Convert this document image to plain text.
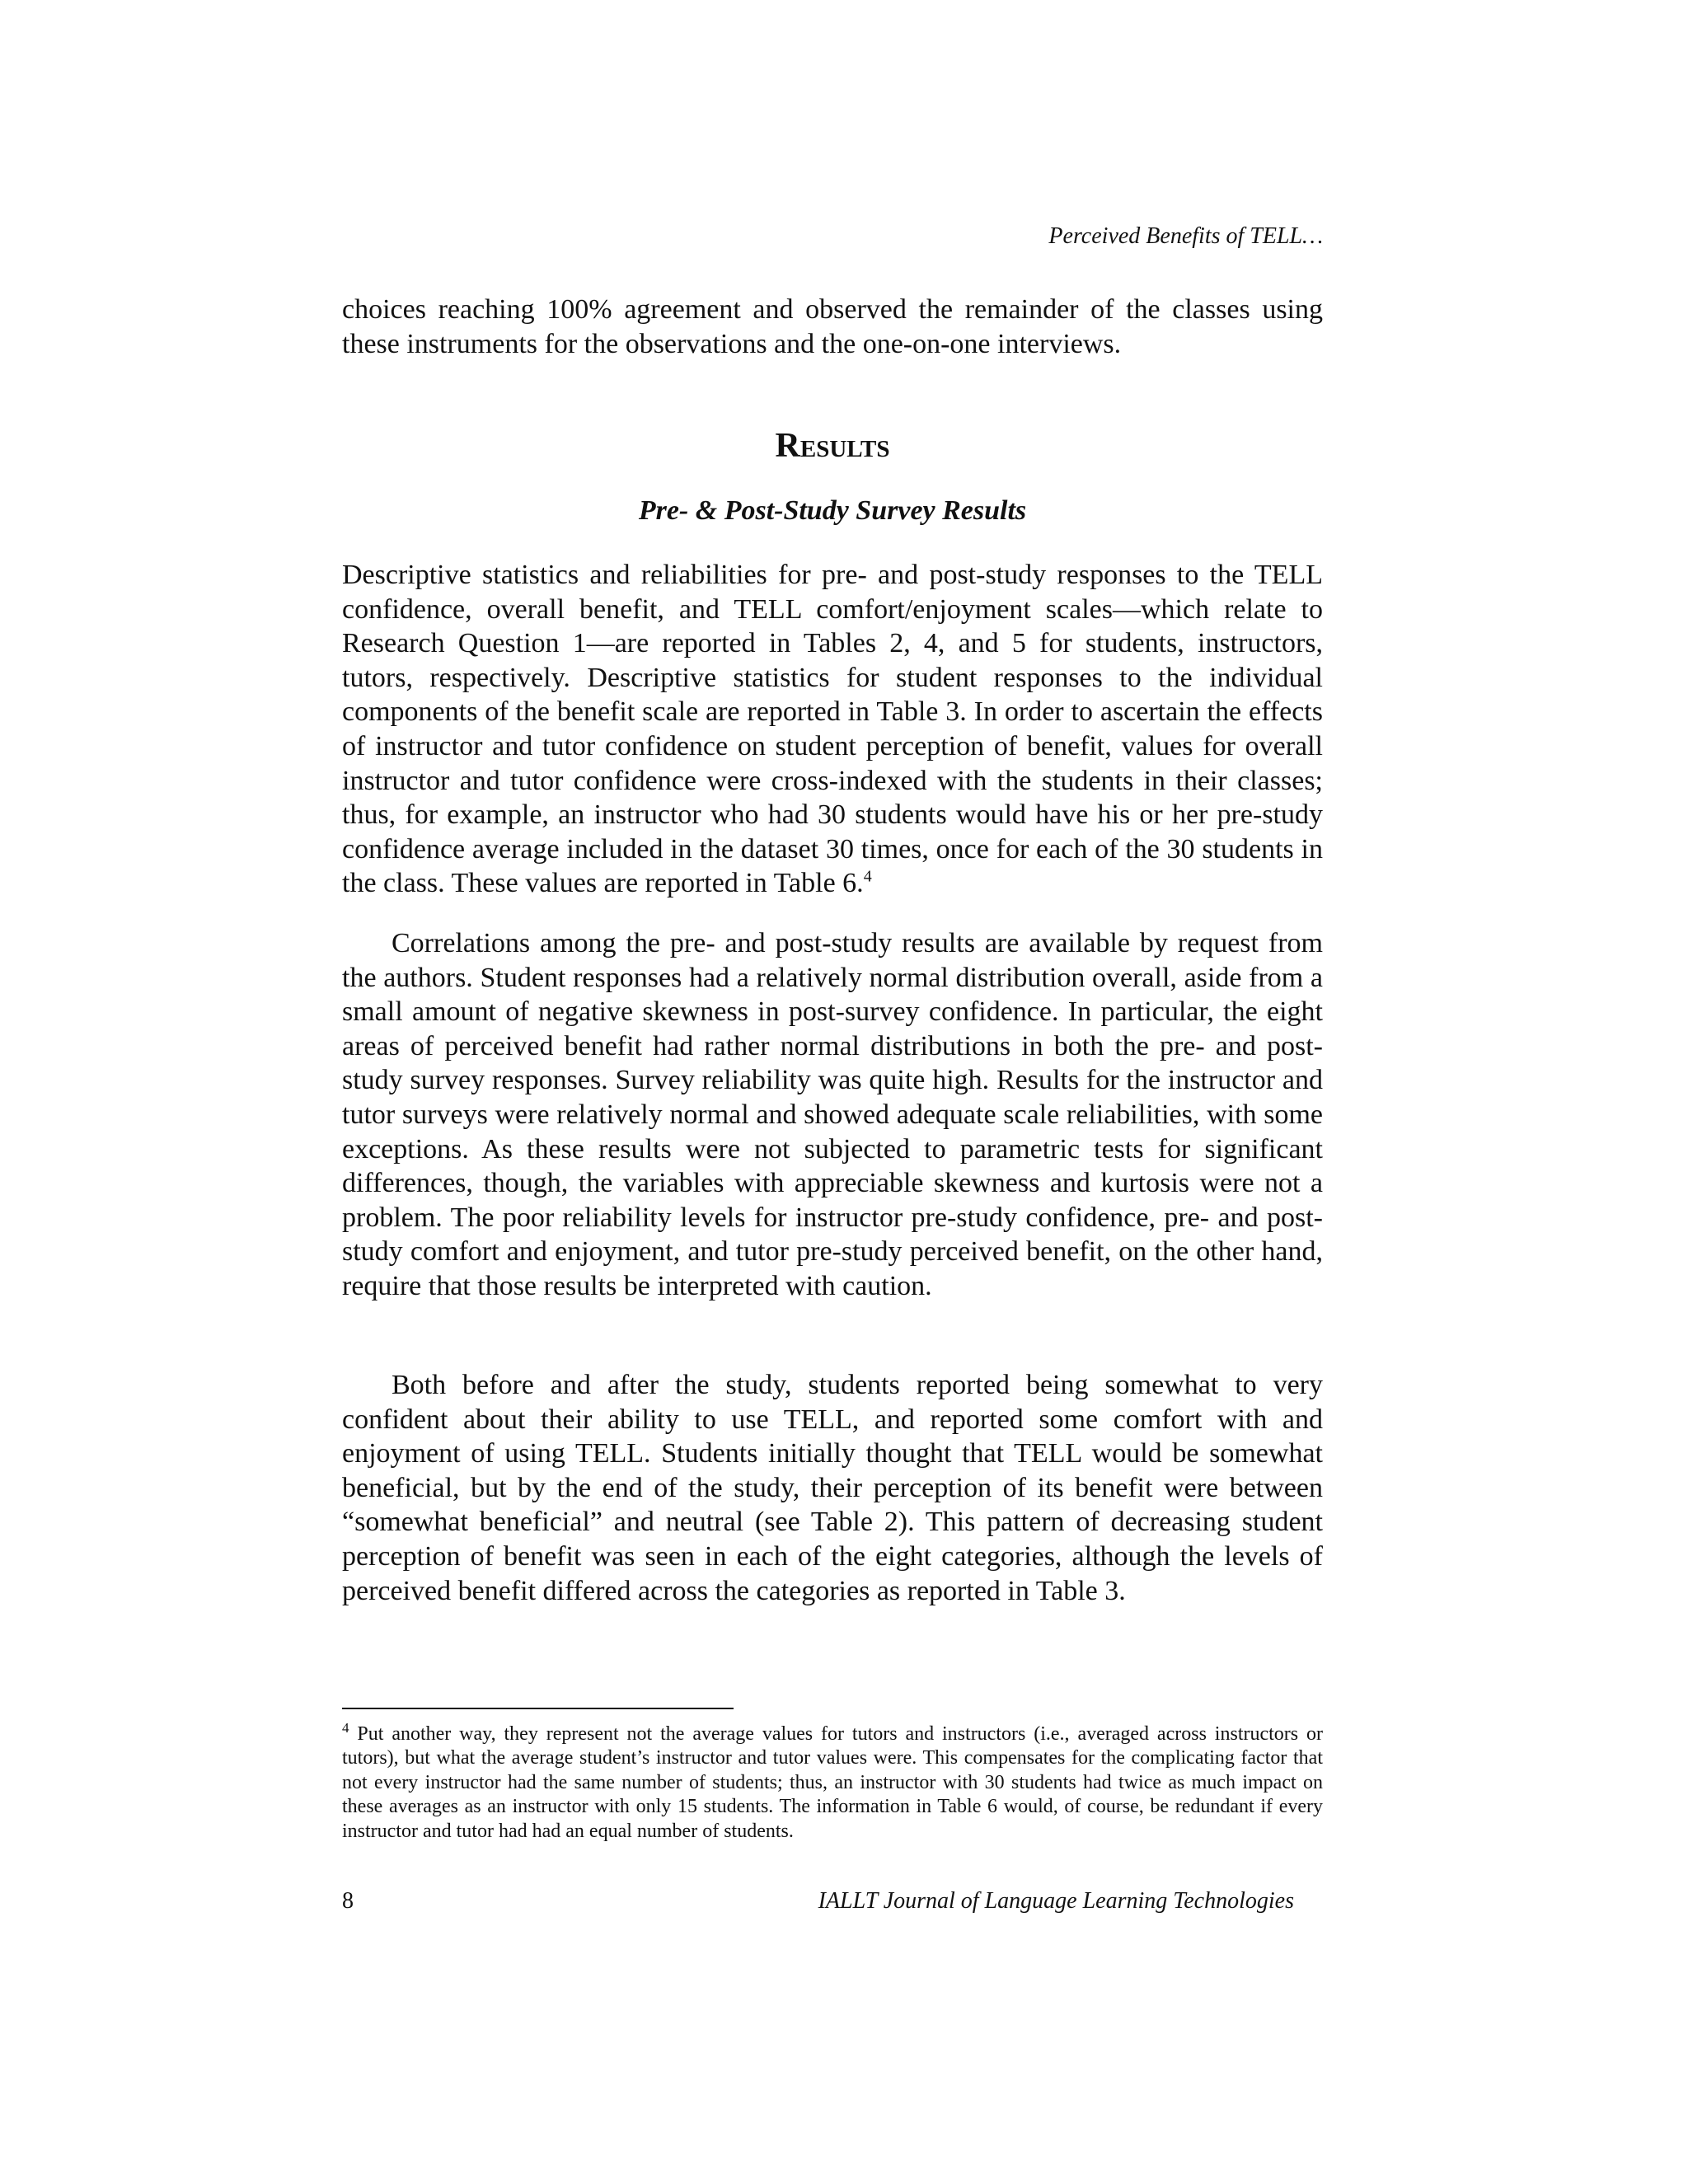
Perceived Benefits of TELL…

choices reaching 100% agreement and observed the remainder of the classes using these instruments for the observations and the one-on-one interviews.

Results
Pre- & Post-Study Survey Results

Descriptive statistics and reliabilities for pre- and post-study responses to the TELL confidence, overall benefit, and TELL comfort/enjoyment scales—which relate to Research Question 1—are reported in Tables 2, 4, and 5 for students, instructors, tutors, respectively. Descriptive statistics for student responses to the individual components of the benefit scale are reported in Table 3. In order to ascertain the effects of instructor and tutor confidence on student perception of benefit, values for overall instructor and tutor confidence were cross-indexed with the students in their classes; thus, for example, an instructor who had 30 students would have his or her pre-study confidence average included in the dataset 30 times, once for each of the 30 students in the class. These values are reported in Table 6.$^4$

Correlations among the pre- and post-study results are available by request from the authors. Student responses had a relatively normal distribution overall, aside from a small amount of negative skewness in post-survey confidence. In particular, the eight areas of perceived benefit had rather normal distributions in both the pre- and post-study survey responses. Survey reliability was quite high. Results for the instructor and tutor surveys were relatively normal and showed adequate scale reliabilities, with some exceptions. As these results were not subjected to parametric tests for significant differences, though, the variables with appreciable skewness and kurtosis were not a problem. The poor reliability levels for instructor pre-study confidence, pre- and post-study comfort and enjoyment, and tutor pre-study perceived benefit, on the other hand, require that those results be interpreted with caution.

Both before and after the study, students reported being somewhat to very confident about their ability to use TELL, and reported some comfort with and enjoyment of using TELL. Students initially thought that TELL would be somewhat beneficial, but by the end of the study, their perception of its benefit were between “somewhat beneficial” and neutral (see Table 2). This pattern of decreasing student perception of benefit was seen in each of the eight categories, although the levels of perceived benefit differed across the categories as reported in Table 3.

$^4$ Put another way, they represent not the average values for tutors and instructors (i.e., averaged across instructors or tutors), but what the average student’s instructor and tutor values were. This compensates for the complicating factor that not every instructor had the same number of students; thus, an instructor with 30 students had twice as much impact on these averages as an instructor with only 15 students. The information in Table 6 would, of course, be redundant if every instructor and tutor had had an equal number of students.
8	IALLT Journal of Language Learning Technologies
